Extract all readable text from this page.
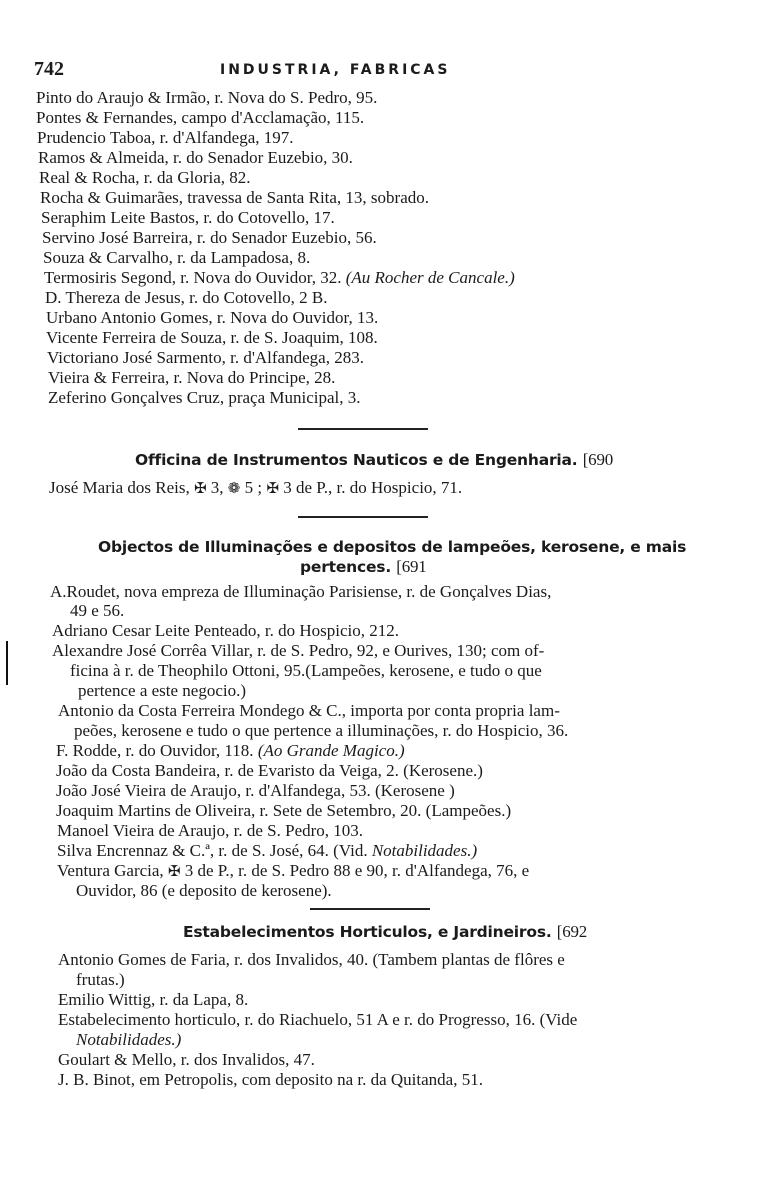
742	INDUSTRIA, FABRICAS
Pinto do Araujo & Irmão, r. Nova do S. Pedro, 95.
Pontes & Fernandes, campo d'Acclamação, 115.
Prudencio Taboa, r. d'Alfandega, 197.
Ramos & Almeida, r. do Senador Euzebio, 30.
Real & Rocha, r. da Gloria, 82.
Rocha & Guimarães, travessa de Santa Rita, 13, sobrado.
Seraphim Leite Bastos, r. do Cotovello, 17.
Servino José Barreira, r. do Senador Euzebio, 56.
Souza & Carvalho, r. da Lampadosa, 8.
Termosiris Segond, r. Nova do Ouvidor, 32. (Au Rocher de Cancale.)
D. Thereza de Jesus, r. do Cotovello, 2 B.
Urbano Antonio Gomes, r. Nova do Ouvidor, 13.
Vicente Ferreira de Souza, r. de S. Joaquim, 108.
Victoriano José Sarmento, r. d'Alfandega, 283.
Vieira & Ferreira, r. Nova do Principe, 28.
Zeferino Gonçalves Cruz, praça Municipal, 3.
Officina de Instrumentos Nauticos e de Engenharia. [690
José Maria dos Reis, ✠ 3, ❁ 5 ; ✠ 3 de P., r. do Hospicio, 71.
Objectos de Illuminações e depositos de lampeões, kerosene, e mais
pertences. [691
A.Roudet, nova empreza de Illuminação Parisiense, r. de Gonçalves Dias,
49 e 56.
Adriano Cesar Leite Penteado, r. do Hospicio, 212.
Alexandre José Corrêa Villar, r. de S. Pedro, 92, e Ourives, 130; com of-
ficina à r. de Theophilo Ottoni, 95.(Lampeões, kerosene, e tudo o que
pertence a este negocio.)
Antonio da Costa Ferreira Mondego & C., importa por conta propria lam-
peões, kerosene e tudo o que pertence a illuminações, r. do Hospicio, 36.
F. Rodde, r. do Ouvidor, 118. (Ao Grande Magico.)
João da Costa Bandeira, r. de Evaristo da Veiga, 2. (Kerosene.)
João José Vieira de Araujo, r. d'Alfandega, 53. (Kerosene )
Joaquim Martins de Oliveira, r. Sete de Setembro, 20. (Lampeões.)
Manoel Vieira de Araujo, r. de S. Pedro, 103.
Silva Encrennaz & C.ª, r. de S. José, 64. (Vid. Notabilidades.)
Ventura Garcia, ✠ 3 de P., r. de S. Pedro 88 e 90, r. d'Alfandega, 76, e
Ouvidor, 86 (e deposito de kerosene).
Estabelecimentos Horticulos, e Jardineiros. [692
Antonio Gomes de Faria, r. dos Invalidos, 40. (Tambem plantas de flôres e
frutas.)
Emilio Wittig, r. da Lapa, 8.
Estabelecimento horticulo, r. do Riachuelo, 51 A e r. do Progresso, 16. (Vide
Notabilidades.)
Goulart & Mello, r. dos Invalidos, 47.
J. B. Binot, em Petropolis, com deposito na r. da Quitanda, 51.
